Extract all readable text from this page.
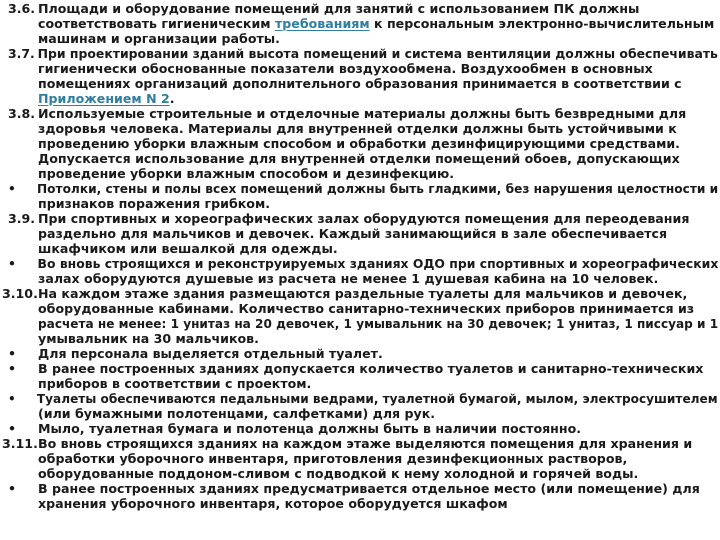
3.6. Площади и оборудование помещений для занятий с использованием ПК должны
соответствовать гигиеническим требованиям к персональным электронно-вычислительным
машинам и организации работы.
3.7. При проектировании зданий высота помещений и система вентиляции должны обеспечивать
гигиенически обоснованные показатели воздухообмена. Воздухообмен в основных
помещениях организаций дополнительного образования принимается в соответствии с
Приложением N 2.
3.8. Используемые строительные и отделочные материалы должны быть безвредными для
здоровья человека. Материалы для внутренней отделки должны быть устойчивыми к
проведению уборки влажным способом и обработки дезинфицирующими средствами.
Допускается использование для внутренней отделки помещений обоев, допускающих
проведение уборки влажным способом и дезинфекцию.
• Потолки, стены и полы всех помещений должны быть гладкими, без нарушения целостности и
признаков поражения грибком.
3.9. При спортивных и хореографических залах оборудуются помещения для переодевания
раздельно для мальчиков и девочек. Каждый занимающийся в зале обеспечивается
шкафчиком или вешалкой для одежды.
• Во вновь строящихся и реконструируемых зданиях ОДО при спортивных и хореографических
залах оборудуются душевые из расчета не менее 1 душевая кабина на 10 человек.
3.10.На каждом этаже здания размещаются раздельные туалеты для мальчиков и девочек,
оборудованные кабинами. Количество санитарно-технических приборов принимается из
расчета не менее: 1 унитаз на 20 девочек, 1 умывальник на 30 девочек; 1 унитаз, 1 писсуар и 1
умывальник на 30 мальчиков.
• Для персонала выделяется отдельный туалет.
• В ранее построенных зданиях допускается количество туалетов и санитарно-технических
приборов в соответствии с проектом.
• Туалеты обеспечиваются педальными ведрами, туалетной бумагой, мылом, электросушителем
(или бумажными полотенцами, салфетками) для рук.
• Мыло, туалетная бумага и полотенца должны быть в наличии постоянно.
3.11.Во вновь строящихся зданиях на каждом этаже выделяются помещения для хранения и
обработки уборочного инвентаря, приготовления дезинфекционных растворов,
оборудованные поддоном-сливом с подводкой к нему холодной и горячей воды.
• В ранее построенных зданиях предусматривается отдельное место (или помещение) для
хранения уборочного инвентаря, которое оборудуется шкафом
